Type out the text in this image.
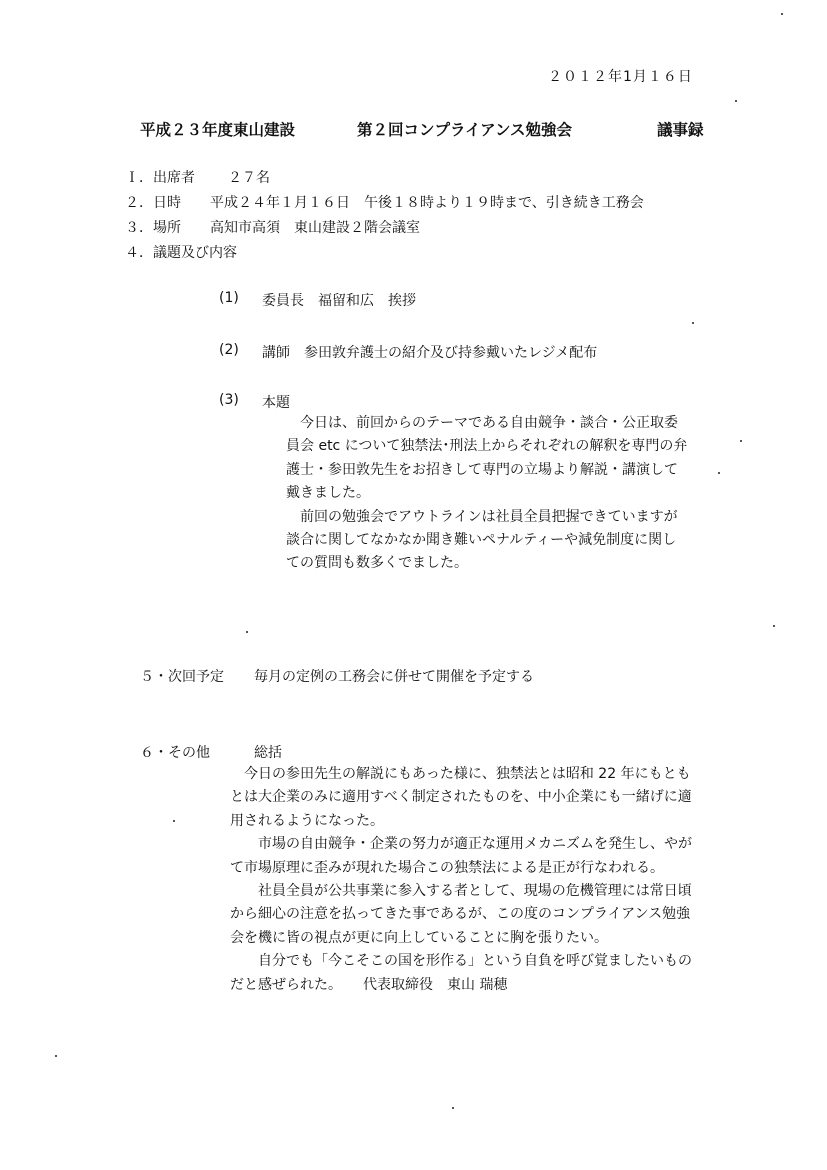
２０１２年1月１６日
平成２３年度東山建設	第２回コンプライアンス勉強会	議事録
Ｉ．出席者 ２７名
２．日時 平成２４年１月１６日　午後１８時より１９時まで、引き続き工務会
３．場所 高知市高須　東山建設２階会議室
４．議題及び内容
(1) 委員長　福留和広　挨拶
(2) 講師　参田敦弁護士の紹介及び持参戴いたレジメ配布
(3) 本題

　今日は、前回からのテーマである自由競争・談合・公正取委

員会 etc について独禁法･刑法上からそれぞれの解釈を専門の弁

護士・参田敦先生をお招きして専門の立場より解説・講演して

戴きました。

　前回の勉強会でアウトラインは社員全員把握できていますが

談合に関してなかなか聞き難いペナルティーや減免制度に関し

ての質問も数多くでました。

５・次回予定 毎月の定例の工務会に併せて開催を予定する
６・その他	総括

　今日の参田先生の解説にもあった様に、独禁法とは昭和 22 年にもとも

とは大企業のみに適用すべく制定されたものを、中小企業にも一緒げに適

用されるようになった。

　　市場の自由競争・企業の努力が適正な運用メカニズムを発生し、やが

て市場原理に歪みが現れた場合この独禁法による是正が行なわれる。

　　社員全員が公共事業に参入する者として、現場の危機管理には常日頃

から細心の注意を払ってきた事であるが、この度のコンプライアンス勉強

会を機に皆の視点が更に向上していることに胸を張りたい。

　　自分でも「今こそこの国を形作る」という自負を呼び覚ましたいもの

だと感ぜられた。　　代表取締役　東山 瑞穂
